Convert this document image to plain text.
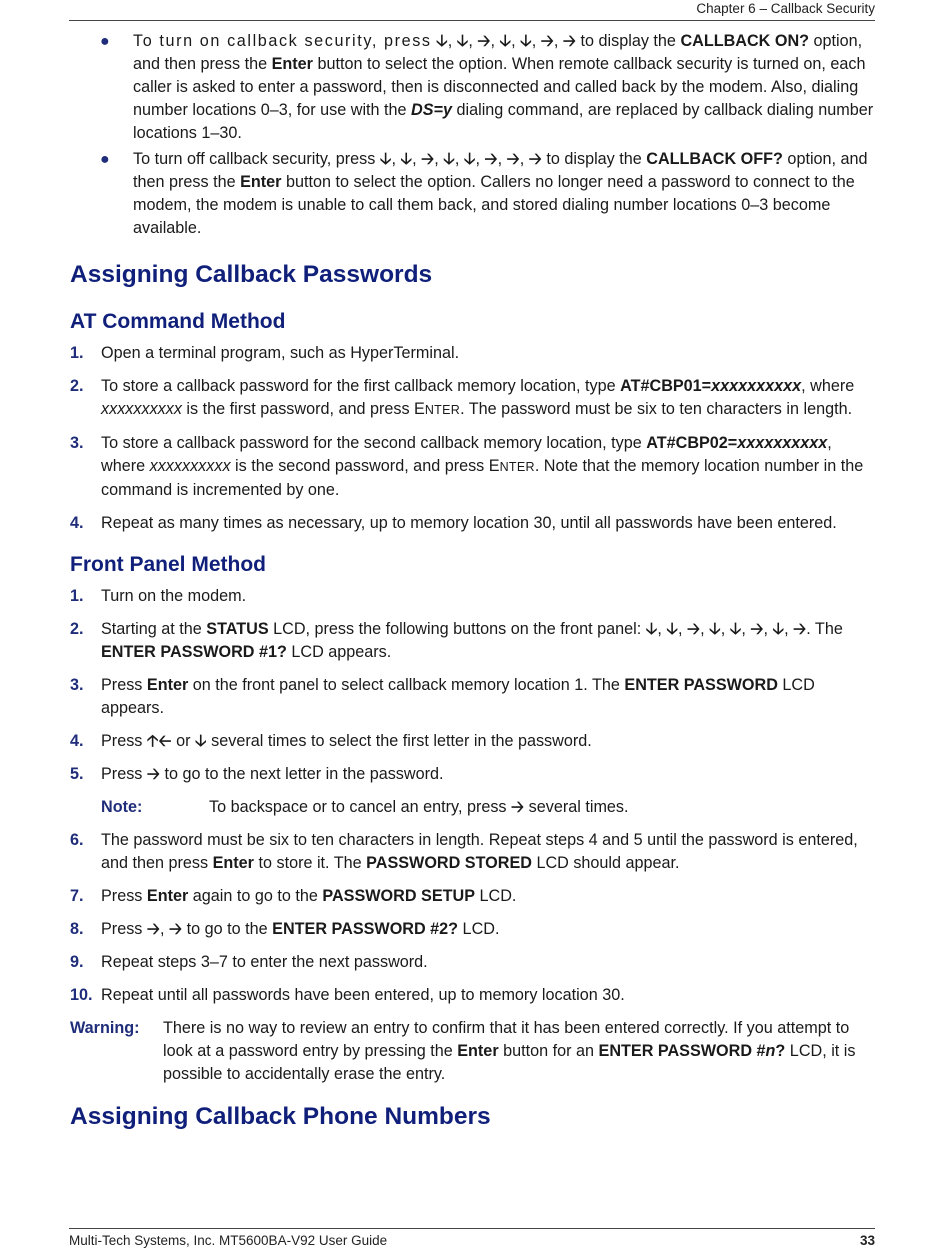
Chapter 6 – Callback Security
● To turn on callback security, press 🡣, 🡣, 🡢, 🡣, 🡣, 🡢, 🡢 to display the CALLBACK ON? option, and then press the Enter button to select the option. When remote callback security is turned on, each caller is asked to enter a password, then is disconnected and called back by the modem. Also, dialing number locations 0–3, for use with the DS=y dialing command, are replaced by callback dialing number locations 1–30.
● To turn off callback security, press 🡣, 🡣, 🡢, 🡣, 🡣, 🡢, 🡢, 🡢 to display the CALLBACK OFF? option, and then press the Enter button to select the option. Callers no longer need a password to connect to the modem, the modem is unable to call them back, and stored dialing number locations 0–3 become available.
Assigning Callback Passwords
AT Command Method
1. Open a terminal program, such as HyperTerminal.
2. To store a callback password for the first callback memory location, type AT#CBP01=xxxxxxxxxx, where xxxxxxxxxx is the first password, and press ENTER. The password must be six to ten characters in length.
3. To store a callback password for the second callback memory location, type AT#CBP02=xxxxxxxxxx, where xxxxxxxxxx is the second password, and press ENTER. Note that the memory location number in the command is incremented by one.
4. Repeat as many times as necessary, up to memory location 30, until all passwords have been entered.
Front Panel Method
1. Turn on the modem.
2. Starting at the STATUS LCD, press the following buttons on the front panel: 🡣, 🡣, 🡢, 🡣, 🡣, 🡢, 🡣, 🡢. The ENTER PASSWORD #1? LCD appears.
3. Press Enter on the front panel to select callback memory location 1. The ENTER PASSWORD LCD appears.
4. Press 🡡🡠 or 🡣 several times to select the first letter in the password.
5. Press 🡢 to go to the next letter in the password.
Note:	To backspace or to cancel an entry, press 🡢 several times.
6. The password must be six to ten characters in length. Repeat steps 4 and 5 until the password is entered, and then press Enter to store it. The PASSWORD STORED LCD should appear.
7. Press Enter again to go to the PASSWORD SETUP LCD.
8. Press 🡢, 🡢 to go to the ENTER PASSWORD #2? LCD.
9. Repeat steps 3–7 to enter the next password.
10. Repeat until all passwords have been entered, up to memory location 30.
Warning: There is no way to review an entry to confirm that it has been entered correctly. If you attempt to look at a password entry by pressing the Enter button for an ENTER PASSWORD #n? LCD, it is possible to accidentally erase the entry.
Assigning Callback Phone Numbers
Multi-Tech Systems, Inc. MT5600BA-V92 User Guide	33
